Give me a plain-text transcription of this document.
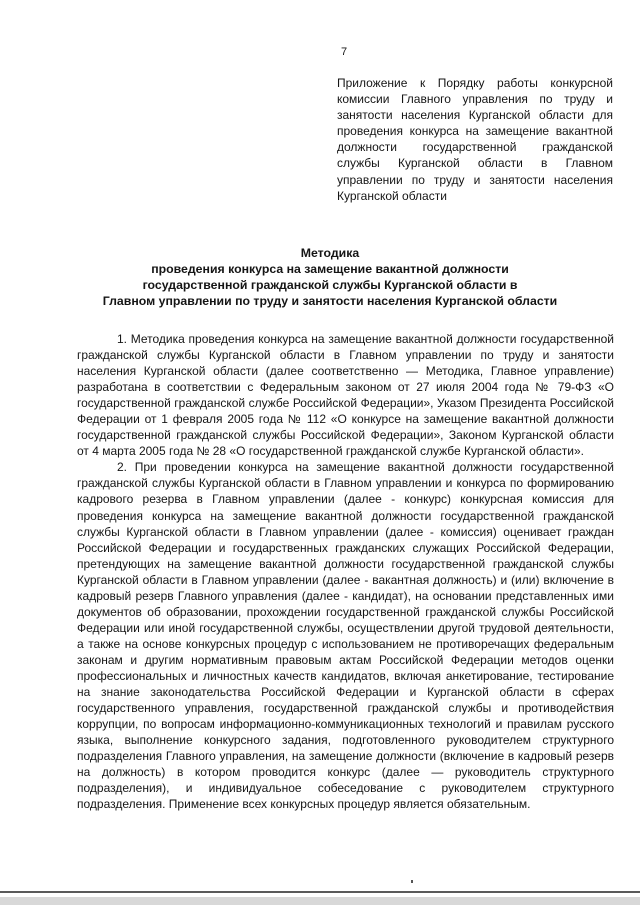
7
Приложение к Порядку работы конкурсной комиссии Главного управления по труду и занятости населения Курганской области для проведения конкурса на замещение вакантной должности государственной гражданской службы Курганской области в Главном управлении по труду и занятости населения Курганской области
Методика
проведения конкурса на замещение вакантной должности
государственной гражданской службы Курганской области в
Главном управлении по труду и занятости населения Курганской области

1. Методика проведения конкурса на замещение вакантной должности государственной гражданской службы Курганской области в Главном управлении по труду и занятости населения Курганской области (далее соответственно — Методика, Главное управление) разработана в соответствии с Федеральным законом от 27 июля 2004 года № 79-ФЗ «О государственной гражданской службе Российской Федерации», Указом Президента Российской Федерации от 1 февраля 2005 года № 112 «О конкурсе на замещение вакантной должности государственной гражданской службы Российской Федерации», Законом Курганской области от 4 марта 2005 года № 28 «О государственной гражданской службе Курганской области».

2. При проведении конкурса на замещение вакантной должности государственной гражданской службы Курганской области в Главном управлении и конкурса по формированию кадрового резерва в Главном управлении (далее - конкурс) конкурсная комиссия для проведения конкурса на замещение вакантной должности государственной гражданской службы Курганской области в Главном управлении (далее - комиссия) оценивает граждан Российской Федерации и государственных гражданских служащих Российской Федерации, претендующих на замещение вакантной должности государственной гражданской службы Курганской области в Главном управлении (далее - вакантная должность) и (или) включение в кадровый резерв Главного управления (далее - кандидат), на основании представленных ими документов об образовании, прохождении государственной гражданской службы Российской Федерации или иной государственной службы, осуществлении другой трудовой деятельности, а также на основе конкурсных процедур с использованием не противоречащих федеральным законам и другим нормативным правовым актам Российской Федерации методов оценки профессиональных и личностных качеств кандидатов, включая анкетирование, тестирование на знание законодательства Российской Федерации и Курганской области в сферах государственного управления, государственной гражданской службы и противодействия коррупции, по вопросам информационно-коммуникационных технологий и правилам русского языка, выполнение конкурсного задания, подготовленного руководителем структурного подразделения Главного управления, на замещение должности (включение в кадровый резерв на должность) в котором проводится конкурс (далее — руководитель структурного подразделения), и индивидуальное собеседование с руководителем структурного подразделения. Применение всех конкурсных процедур является обязательным.
